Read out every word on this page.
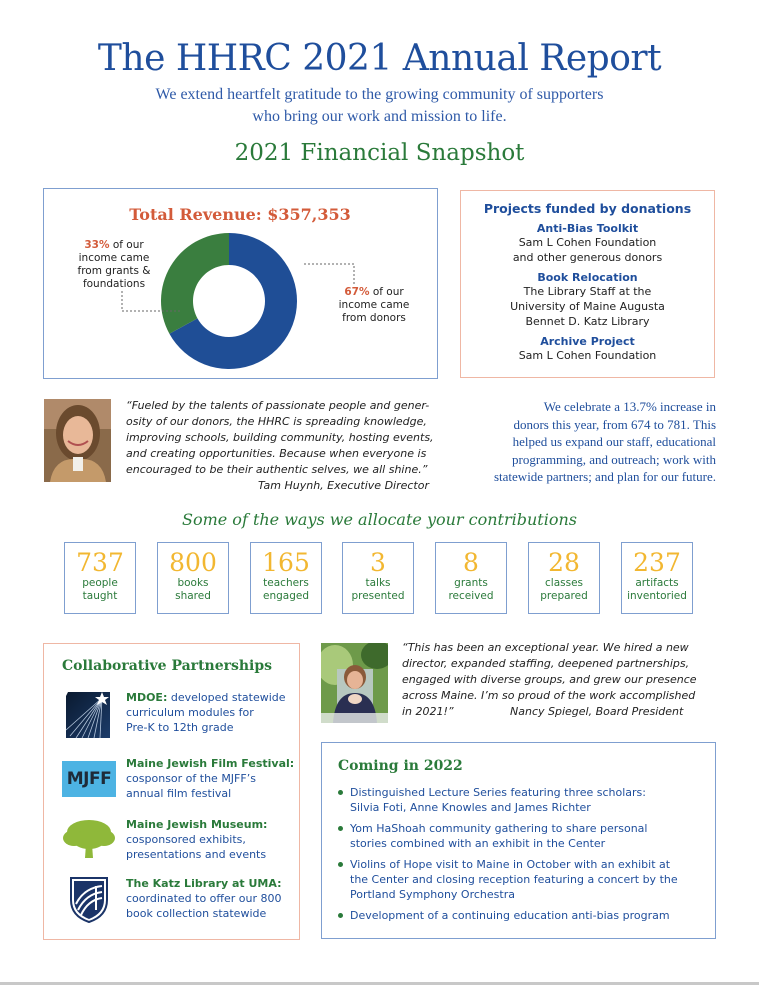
The HHRC 2021 Annual Report
We extend heartfelt gratitude to the growing community of supporters
who bring our work and mission to life.
2021 Financial Snapshot
Total Revenue: $357,353
33% of our
income came
from grants &
foundations
67% of our
income came
from donors
Projects funded by donations
Anti-Bias Toolkit
Sam L Cohen Foundation
and other generous donors
Book Relocation
The Library Staff at the
University of Maine Augusta
Bennet D. Katz Library
Archive Project
Sam L Cohen Foundation
“Fueled by the talents of passionate people and gener-
osity of our donors, the HHRC is spreading knowledge,
improving schools, building community, hosting events,
and creating opportunities. Because when everyone is
encouraged to be their authentic selves, we all shine.”
Tam Huynh, Executive Director
We celebrate a 13.7% increase in
donors this year, from 674 to 781. This
helped us expand our staff, educational
programming, and outreach; work with
statewide partners; and plan for our future.
Some of the ways we allocate your contributions
737
people
taught
800
books
shared
165
teachers
engaged
3
talks
presented
8
grants
received
28
classes
prepared
237
artifacts
inventoried
Collaborative Partnerships
MDOE: developed statewide
curriculum modules for
Pre-K to 12th grade
MJFF
Maine Jewish Film Festival:
cosponsor of the MJFF’s
annual film festival
Maine Jewish Museum:
cosponsored exhibits,
presentations and events
The Katz Library at UMA:
coordinated to offer our 800
book collection statewide
“This has been an exceptional year. We hired a new
director, expanded staffing, deepened partnerships,
engaged with diverse groups, and grew our presence
across Maine. I’m so proud of the work accomplished
in 2021!”	Nancy Spiegel, Board President
Coming in 2022
Distinguished Lecture Series featuring three scholars:
Silvia Foti, Anne Knowles and James Richter
Yom HaShoah community gathering to share personal
stories combined with an exhibit in the Center
Violins of Hope visit to Maine in October with an exhibit at
the Center and closing reception featuring a concert by the
Portland Symphony Orchestra
Development of a continuing education anti-bias program
